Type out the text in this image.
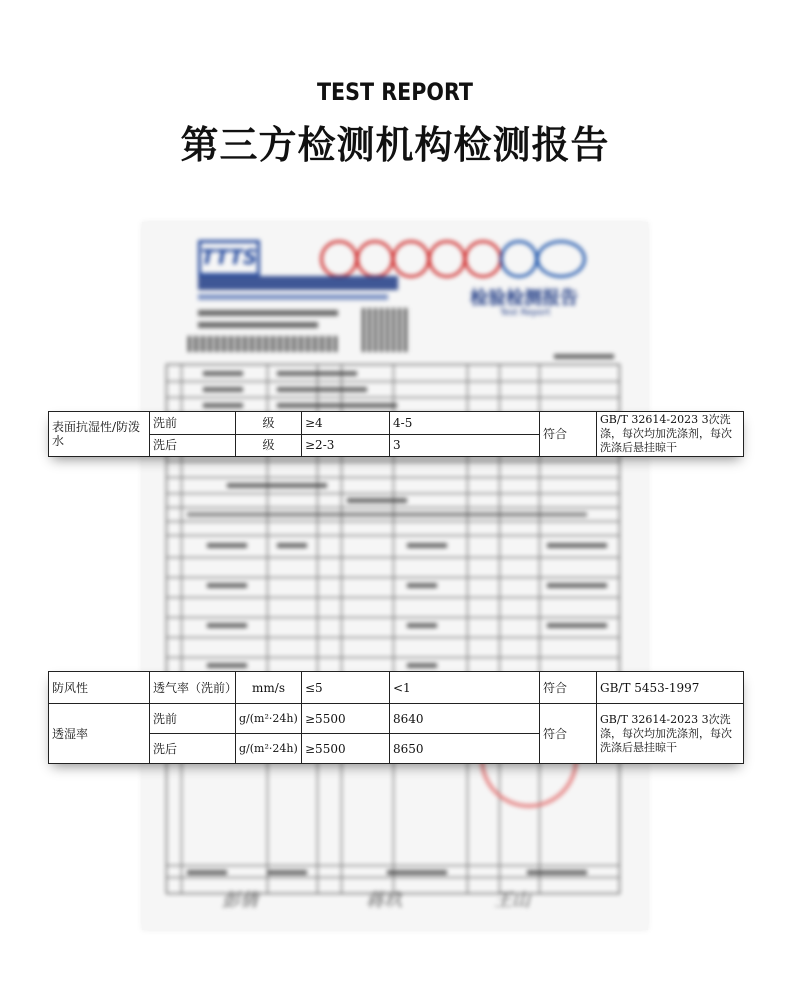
TEST REPORT
第三方检测机构检测报告
TTTS
检验检测报告
Test Report
彭倩	蒋玖	王山
表面抗湿性/防泼水	洗前	级	≥4	4-5	符合	GB/T 32614-2023 3次洗涤，每次均加洗涤剂，每次洗涤后悬挂晾干
	洗后	级	≥2-3	3		
防风性	透气率（洗前）	mm/s	≤5	<1	符合	GB/T 5453-1997
透湿率	洗前	g/(m²·24h)	≥5500	8640	符合	GB/T 32614-2023 3次洗涤，每次均加洗涤剂，每次洗涤后悬挂晾干
	洗后	g/(m²·24h)	≥5500	8650		
